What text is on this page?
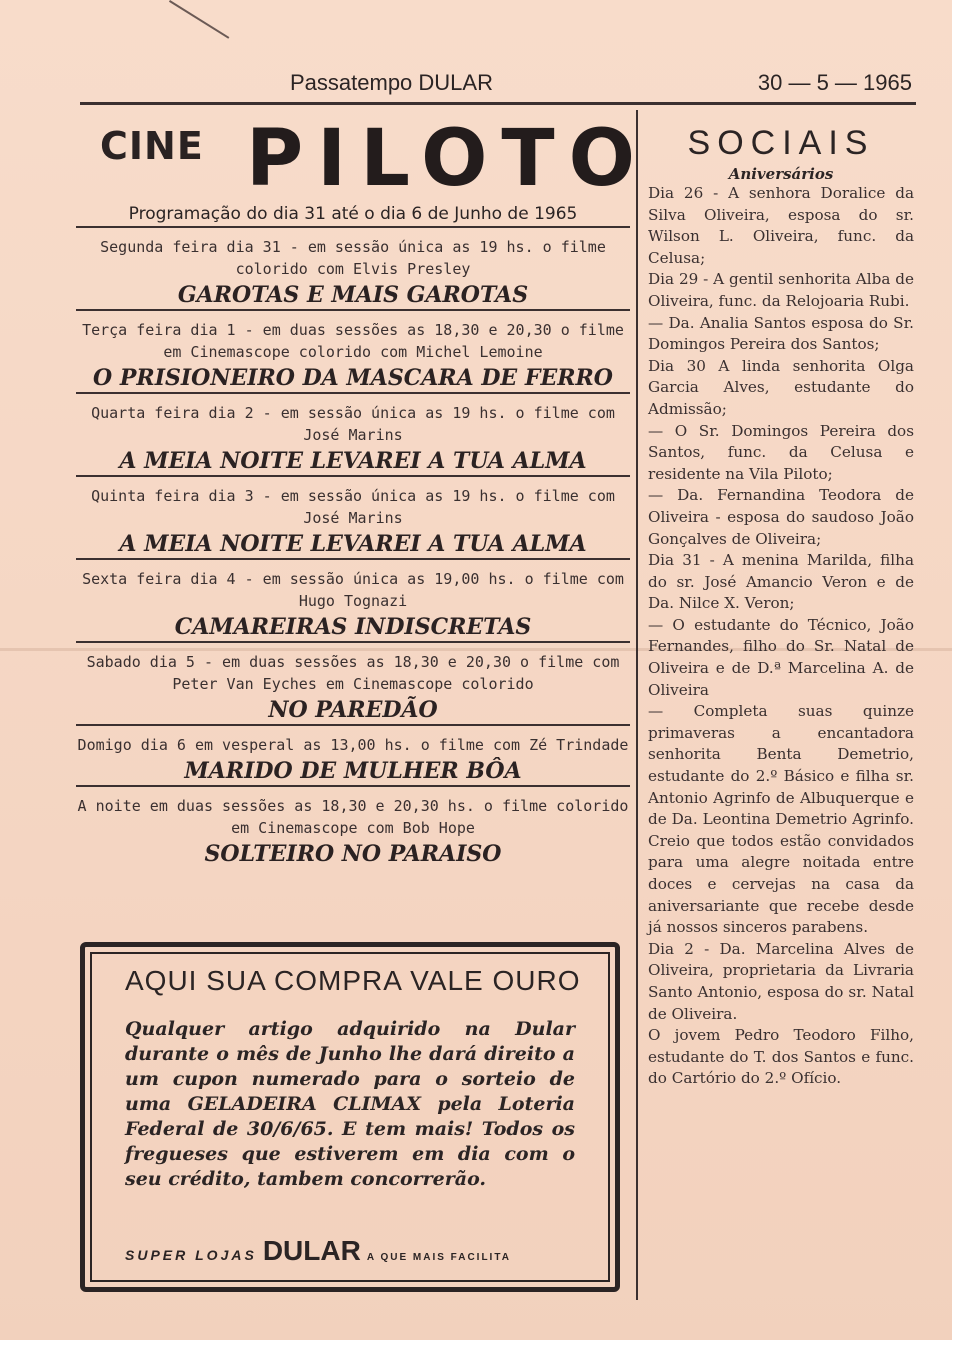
Passatempo DULAR	30 — 5 — 1965
CINE PILOTO
Programação do dia 31 até o dia 6 de Junho de 1965
Segunda feira dia 31 - em sessão única as 19 hs. o filme colorido com Elvis Presley
GAROTAS E MAIS GAROTAS
Terça feira dia 1 - em duas sessões as 18,30 e 20,30 o filme em Cinemascope colorido com Michel Lemoine
O PRISIONEIRO DA MASCARA DE FERRO
Quarta feira dia 2 - em sessão única as 19 hs. o filme com José Marins
A MEIA NOITE LEVAREI A TUA ALMA
Quinta feira dia 3 - em sessão única as 19 hs. o filme com José Marins
A MEIA NOITE LEVAREI A TUA ALMA
Sexta feira dia 4 - em sessão única as 19,00 hs. o filme com Hugo Tognazi
CAMAREIRAS INDISCRETAS
Sabado dia 5 - em duas sessões as 18,30 e 20,30 o filme com Peter Van Eyches em Cinemascope colorido
NO PAREDÃO
Domigo dia 6 em vesperal as 13,00 hs. o filme com Zé Trindade
MARIDO DE MULHER BÔA
A noite em duas sessões as 18,30 e 20,30 hs. o filme colorido em Cinemascope com Bob Hope
SOLTEIRO NO PARAISO
AQUI SUA COMPRA VALE OURO
Qualquer artigo adquirido na Dular durante o mês de Junho lhe dará direito a um cupon numerado para o sorteio de uma GELADEIRA CLIMAX pela Loteria Federal de 30/6/65. E tem mais! Todos os fregueses que estiverem em dia com o seu crédito, tambem concorrerão.
SUPER LOJAS DULAR A QUE MAIS FACILITA
SOCIAIS
Aniversários

Dia 26 - A senhora Doralice da Silva Oliveira, esposa do sr. Wilson L. Oliveira, func. da Celusa;

Dia 29 - A gentil senhorita Alba de Oliveira, func. da Relojoaria Rubi.

— Da. Analia Santos esposa do Sr. Domingos Pereira dos Santos;

Dia 30 A linda senhorita Olga Garcia Alves, estudante do Admissão;

— O Sr. Domingos Pereira dos Santos, func. da Celusa e residente na Vila Piloto;

— Da. Fernandina Teodora de Oliveira - esposa do saudoso João Gonçalves de Oliveira;

Dia 31 - A menina Marilda, filha do sr. José Amancio Veron e de Da. Nilce X. Veron;

— O estudante do Técnico, João Fernandes, filho do Sr. Natal de Oliveira e de D.ª Marcelina A. de Oliveira

— Completa suas quinze primaveras a encantadora senhorita Benta Demetrio, estudante do 2.º Básico e filha sr. Antonio Agrinfo de Albuquerque e de Da. Leontina Demetrio Agrinfo. Creio que todos estão convidados para uma alegre noitada entre doces e cervejas na casa da aniversariante que recebe desde já nossos sinceros parabens.

Dia 2 - Da. Marcelina Alves de Oliveira, proprietaria da Livraria Santo Antonio, esposa do sr. Natal de Oliveira.

O jovem Pedro Teodoro Filho, estudante do T. dos Santos e func. do Cartório do 2.º Ofício.
